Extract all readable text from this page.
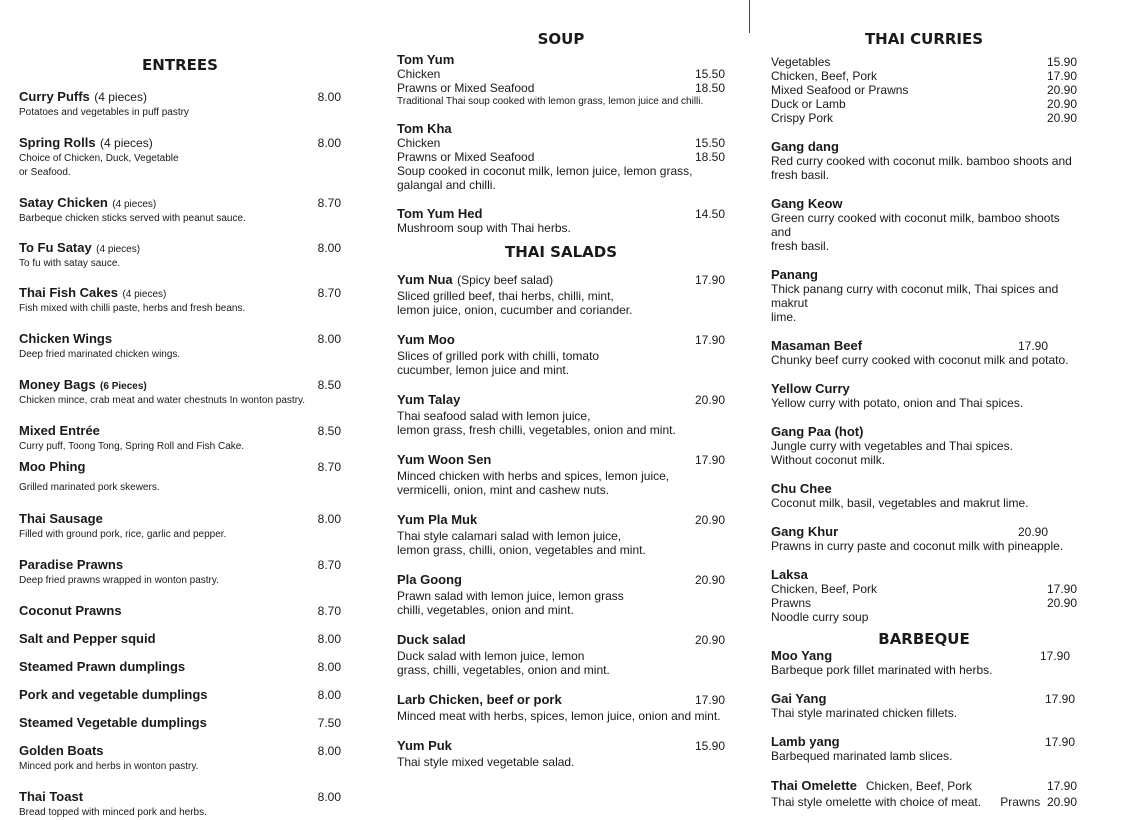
ENTREES
Curry Puffs (4 pieces)	8.00
Potatoes and vegetables in puff pastry
Spring Rolls (4 pieces)	8.00
Choice of Chicken, Duck, Vegetable
or Seafood.
Satay Chicken (4 pieces)	8.70
Barbeque chicken sticks served with peanut sauce.
To Fu Satay (4 pieces)	8.00
To fu with satay sauce.
Thai Fish Cakes (4 pieces)	8.70
Fish mixed with chilli paste, herbs and fresh beans.
Chicken Wings	8.00
Deep fried marinated chicken wings.
Money Bags (6 Pieces)	8.50
Chicken mince, crab meat and water chestnuts In wonton pastry.
Mixed Entrée	8.50
Curry puff, Toong Tong, Spring Roll and Fish Cake.
Moo Phing	8.70
Grilled marinated pork skewers.
Thai Sausage	8.00
Filled with ground pork, rice, garlic and pepper.
Paradise Prawns	8.70
Deep fried prawns wrapped in wonton pastry.
Coconut Prawns	8.70
Salt and Pepper squid	8.00
Steamed Prawn dumplings	8.00
Pork and vegetable dumplings	8.00
Steamed Vegetable dumplings	7.50
Golden Boats	8.00
Minced pork and herbs in wonton pastry.
Thai Toast	8.00
Bread topped with minced pork and herbs.
SOUP
Tom Yum
Chicken	15.50
Prawns or Mixed Seafood	18.50
Traditional Thai soup cooked with lemon grass, lemon juice and chilli.
Tom Kha
Chicken	15.50
Prawns or Mixed Seafood	18.50
Soup cooked in coconut milk, lemon juice, lemon grass,
galangal and chilli.
Tom Yum Hed	14.50
Mushroom soup with Thai herbs.
THAI SALADS
Yum Nua (Spicy beef salad)	17.90
Sliced grilled beef, thai herbs, chilli, mint,
lemon juice, onion, cucumber and coriander.
Yum Moo	17.90
Slices of grilled pork with chilli, tomato
cucumber, lemon juice and mint.
Yum Talay	20.90
Thai seafood salad with lemon juice,
lemon grass, fresh chilli, vegetables, onion and mint.
Yum Woon Sen	17.90
Minced chicken with herbs and spices, lemon juice,
vermicelli, onion, mint and cashew nuts.
Yum Pla Muk	20.90
Thai style calamari salad with lemon juice,
lemon grass, chilli, onion, vegetables and mint.
Pla Goong	20.90
Prawn salad with lemon juice, lemon grass
chilli, vegetables, onion and mint.
Duck salad	20.90
Duck salad with lemon juice, lemon
grass, chilli, vegetables, onion and mint.
Larb Chicken, beef or pork	17.90
Minced meat with herbs, spices, lemon juice, onion and mint.
Yum Puk	15.90
Thai style mixed vegetable salad.
THAI CURRIES
Vegetables	15.90
Chicken, Beef, Pork	17.90
Mixed Seafood or Prawns	20.90
Duck or Lamb	20.90
Crispy Pork	20.90
Gang dang
Red curry cooked with coconut milk. bamboo shoots and
fresh basil.
Gang Keow
Green curry cooked with coconut milk, bamboo shoots and
fresh basil.
Panang
Thick panang curry with coconut milk, Thai spices and makrut
lime.
Masaman Beef	17.90
Chunky beef curry cooked with coconut milk and potato.
Yellow Curry
Yellow curry with potato, onion and Thai spices.
Gang Paa (hot)
Jungle curry with vegetables and Thai spices.
Without coconut milk.
Chu Chee
Coconut milk, basil, vegetables and makrut lime.
Gang Khur	20.90
Prawns in curry paste and coconut milk with pineapple.
Laksa
Chicken, Beef, Pork	17.90
Prawns	20.90
Noodle curry soup
BARBEQUE
Moo Yang	17.90
Barbeque pork fillet marinated with herbs.
Gai Yang	17.90
Thai style marinated chicken fillets.
Lamb yang	17.90
Barbequed marinated lamb slices.
Thai Omelette Chicken, Beef, Pork	17.90
Thai style omelette with choice of meat. Prawns 20.90
